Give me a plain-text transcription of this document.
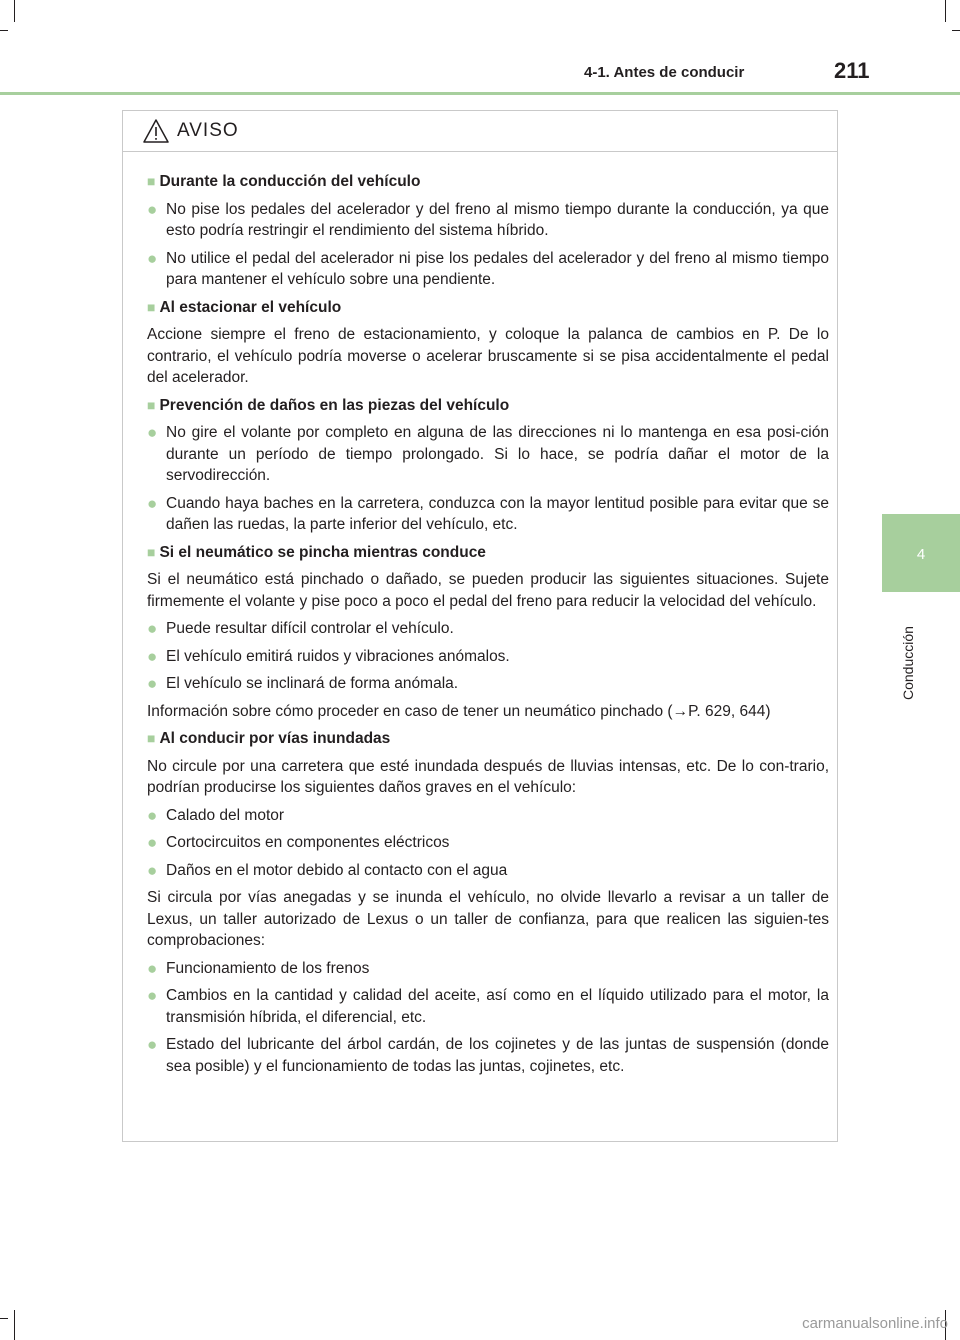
4-1. Antes de conducir	211
4
Conducción
AVISO
■ Durante la conducción del vehículo
● No pise los pedales del acelerador y del freno al mismo tiempo durante la conducción, ya que esto podría restringir el rendimiento del sistema híbrido.
● No utilice el pedal del acelerador ni pise los pedales del acelerador y del freno al mismo tiempo para mantener el vehículo sobre una pendiente.
■ Al estacionar el vehículo
Accione siempre el freno de estacionamiento, y coloque la palanca de cambios en P. De lo contrario, el vehículo podría moverse o acelerar bruscamente si se pisa accidentalmente el pedal del acelerador.
■ Prevención de daños en las piezas del vehículo
● No gire el volante por completo en alguna de las direcciones ni lo mantenga en esa posi-ción durante un período de tiempo prolongado. Si lo hace, se podría dañar el motor de la servodirección.
● Cuando haya baches en la carretera, conduzca con la mayor lentitud posible para evitar que se dañen las ruedas, la parte inferior del vehículo, etc.
■ Si el neumático se pincha mientras conduce
Si el neumático está pinchado o dañado, se pueden producir las siguientes situaciones. Sujete firmemente el volante y pise poco a poco el pedal del freno para reducir la velocidad del vehículo.
● Puede resultar difícil controlar el vehículo.
● El vehículo emitirá ruidos y vibraciones anómalos.
● El vehículo se inclinará de forma anómala.
Información sobre cómo proceder en caso de tener un neumático pinchado (→P. 629, 644)
■ Al conducir por vías inundadas
No circule por una carretera que esté inundada después de lluvias intensas, etc. De lo con-trario, podrían producirse los siguientes daños graves en el vehículo:
● Calado del motor
● Cortocircuitos en componentes eléctricos
● Daños en el motor debido al contacto con el agua
Si circula por vías anegadas y se inunda el vehículo, no olvide llevarlo a revisar a un taller de Lexus, un taller autorizado de Lexus o un taller de confianza, para que realicen las siguien-tes comprobaciones:
● Funcionamiento de los frenos
● Cambios en la cantidad y calidad del aceite, así como en el líquido utilizado para el motor, la transmisión híbrida, el diferencial, etc.
● Estado del lubricante del árbol cardán, de los cojinetes y de las juntas de suspensión (donde sea posible) y el funcionamiento de todas las juntas, cojinetes, etc.
carmanualsonline.info
